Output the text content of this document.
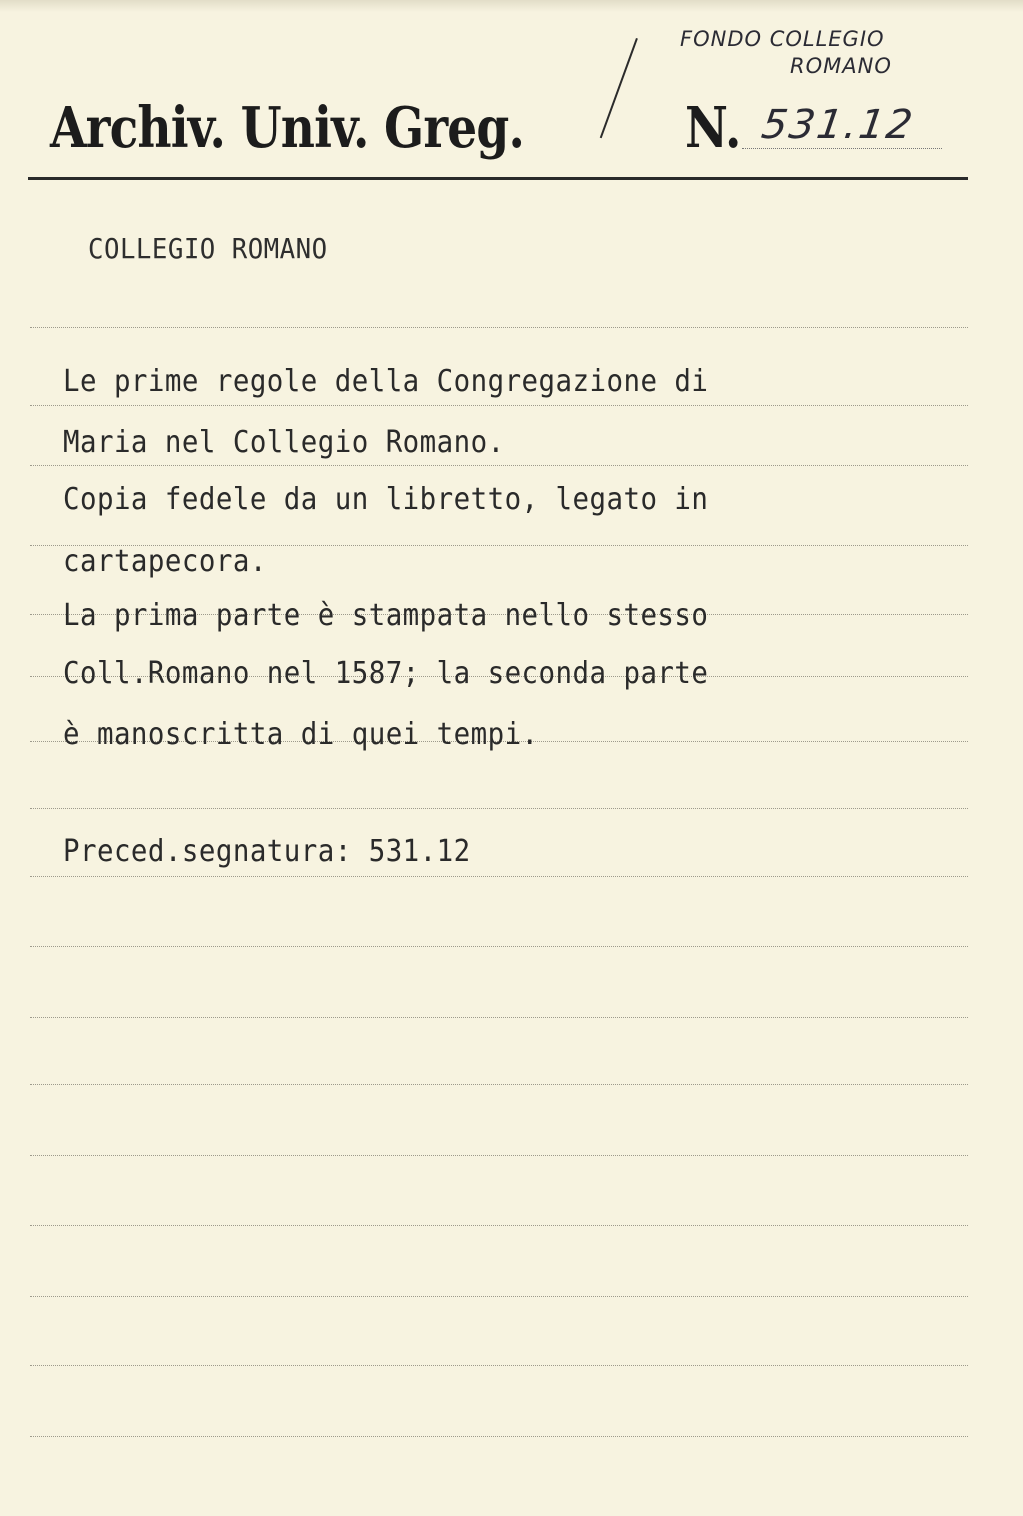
FONDO COLLEGIO
ROMANO
Archiv. Univ. Greg.	N. 531.12
COLLEGIO ROMANO
Le prime regole della Congregazione di
Maria nel Collegio Romano.
Copia fedele da un libretto, legato in
cartapecora.
La prima parte è stampata nello stesso
Coll.Romano nel 1587; la seconda parte
è manoscritta di quei tempi.
Preced.segnatura: 531.12
